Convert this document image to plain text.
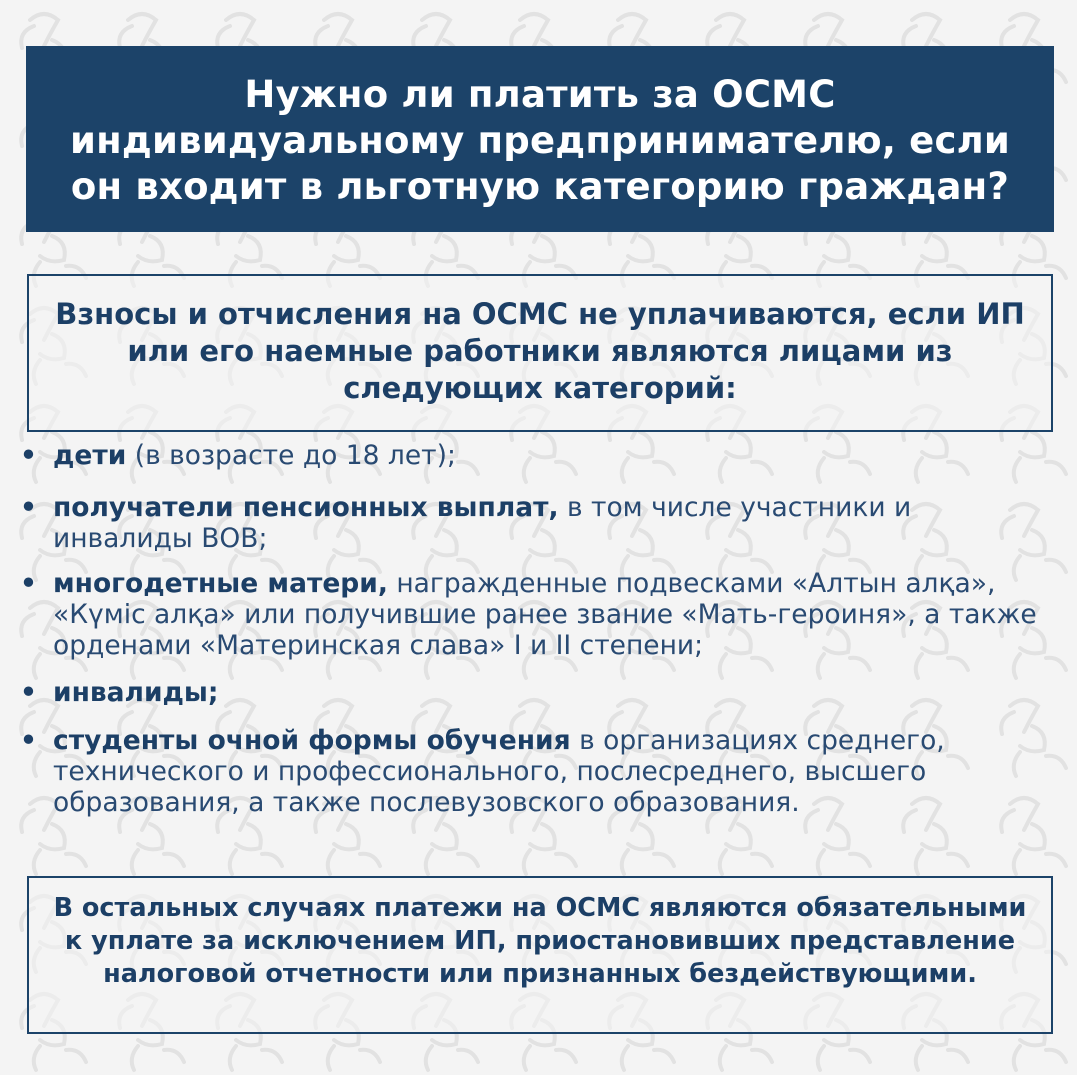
Нужно ли платить за ОСМС индивидуальному предпринимателю, если он входит в льготную категорию граждан?

Взносы и отчисления на ОСМС не уплачиваются, если ИП или его наемные работники являются лицами из следующих категорий:

• дети (в возрасте до 18 лет);
• получатели пенсионных выплат, в том числе участники и инвалиды ВОВ;
• многодетные матери, награжденные подвесками «Алтын алқа», «Күміс алқа» или получившие ранее звание «Мать-героиня», а также орденами «Материнская слава» I и II степени;
• инвалиды;
• студенты очной формы обучения в организациях среднего, технического и профессионального, послесреднего, высшего образования, а также послевузовского образования.

В остальных случаях платежи на ОСМС являются обязательными к уплате за исключением ИП, приостановивших представление налоговой отчетности или признанных бездействующими.
